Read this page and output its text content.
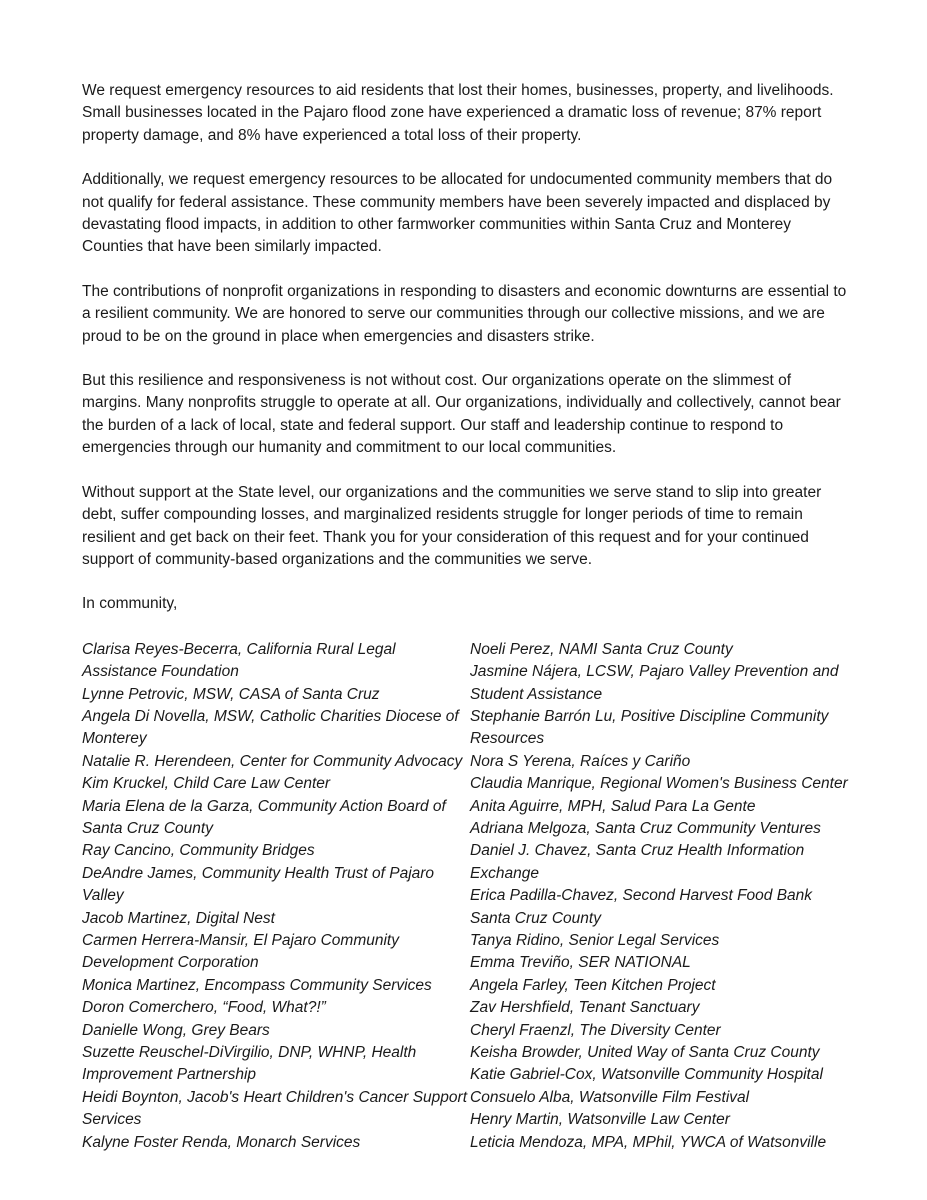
We request emergency resources to aid residents that lost their homes, businesses, property, and livelihoods. Small businesses located in the Pajaro flood zone have experienced a dramatic loss of revenue; 87% report property damage, and 8% have experienced a total loss of their property.

Additionally, we request emergency resources to be allocated for undocumented community members that do not qualify for federal assistance. These community members have been severely impacted and displaced by devastating flood impacts, in addition to other farmworker communities within Santa Cruz and Monterey Counties that have been similarly impacted.

The contributions of nonprofit organizations in responding to disasters and economic downturns are essential to a resilient community. We are honored to serve our communities through our collective missions, and we are proud to be on the ground in place when emergencies and disasters strike.

But this resilience and responsiveness is not without cost. Our organizations operate on the slimmest of margins. Many nonprofits struggle to operate at all. Our organizations, individually and collectively, cannot bear the burden of a lack of local, state and federal support. Our staff and leadership continue to respond to emergencies through our humanity and commitment to our local communities.

Without support at the State level, our organizations and the communities we serve stand to slip into greater debt, suffer compounding losses, and marginalized residents struggle for longer periods of time to remain resilient and get back on their feet. Thank you for your consideration of this request and for your continued support of community-based organizations and the communities we serve.

In community,

Clarisa Reyes-Becerra, California Rural Legal Assistance Foundation

Lynne Petrovic, MSW, CASA of Santa Cruz

Angela Di Novella, MSW, Catholic Charities Diocese of Monterey

Natalie R. Herendeen, Center for Community Advocacy

Kim Kruckel, Child Care Law Center

Maria Elena de la Garza, Community Action Board of Santa Cruz County

Ray Cancino, Community Bridges

DeAndre James, Community Health Trust of Pajaro Valley

Jacob Martinez, Digital Nest

Carmen Herrera-Mansir, El Pajaro Community Development Corporation

Monica Martinez, Encompass Community Services

Doron Comerchero, “Food, What?!”

Danielle Wong, Grey Bears

Suzette Reuschel-DiVirgilio, DNP, WHNP, Health Improvement Partnership

Heidi Boynton, Jacob's Heart Children's Cancer Support Services

Kalyne Foster Renda, Monarch Services

Noeli Perez, NAMI Santa Cruz County

Jasmine Nájera, LCSW, Pajaro Valley Prevention and Student Assistance

Stephanie Barrón Lu, Positive Discipline Community Resources

Nora S Yerena, Raíces y Cariño

Claudia Manrique, Regional Women's Business Center

Anita Aguirre, MPH, Salud Para La Gente

Adriana Melgoza, Santa Cruz Community Ventures

Daniel J. Chavez, Santa Cruz Health Information Exchange

Erica Padilla-Chavez, Second Harvest Food Bank Santa Cruz County

Tanya Ridino, Senior Legal Services

Emma Treviño, SER NATIONAL

Angela Farley, Teen Kitchen Project

Zav Hershfield, Tenant Sanctuary

Cheryl Fraenzl, The Diversity Center

Keisha Browder, United Way of Santa Cruz County

Katie Gabriel-Cox, Watsonville Community Hospital

Consuelo Alba, Watsonville Film Festival

Henry Martin, Watsonville Law Center

Leticia Mendoza, MPA, MPhil, YWCA of Watsonville
